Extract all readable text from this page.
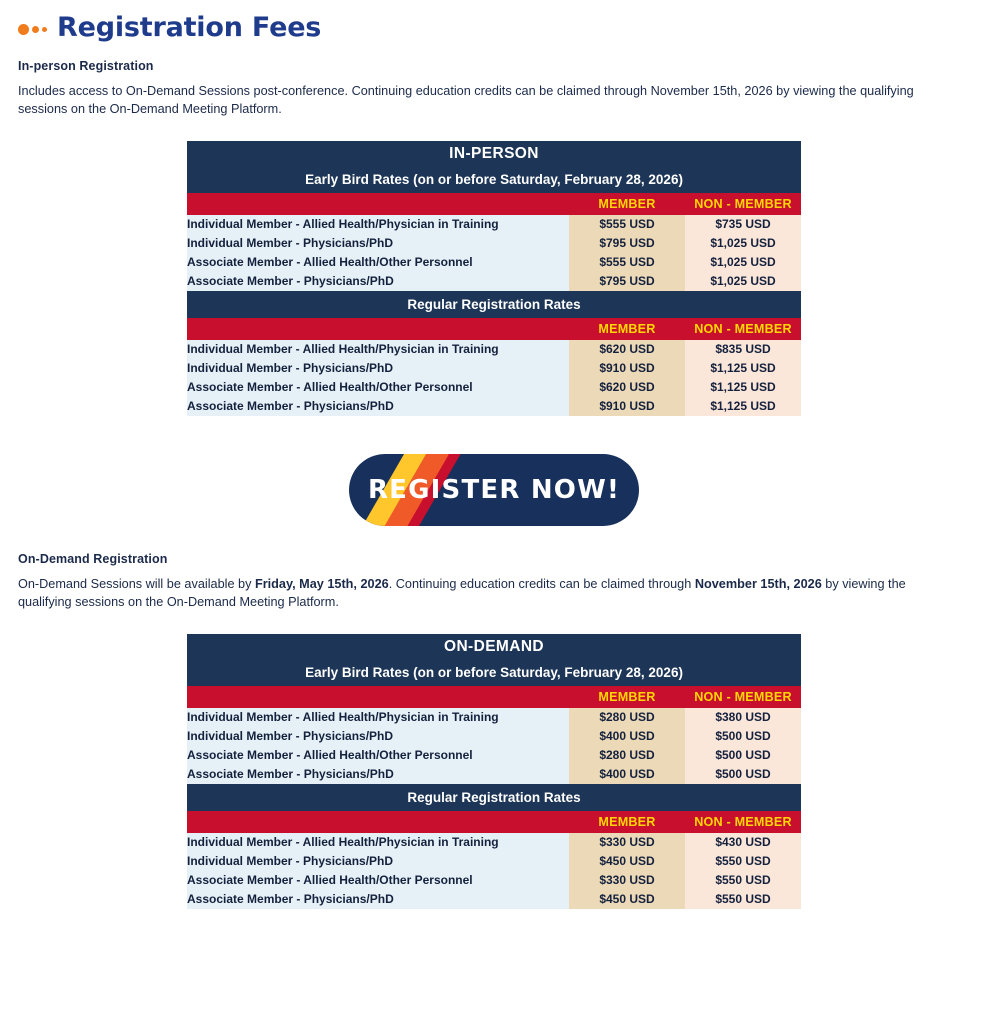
Registration Fees
In-person Registration
Includes access to On-Demand Sessions post-conference. Continuing education credits can be claimed through November 15th, 2026 by viewing the qualifying sessions on the On-Demand Meeting Platform.
IN-PERSON		
Early Bird Rates (on or before Saturday, February 28, 2026)		
	MEMBER	NON - MEMBER
Individual Member - Allied Health/Physician in Training	$555 USD	$735 USD
Individual Member - Physicians/PhD	$795 USD	$1,025 USD
Associate Member - Allied Health/Other Personnel	$555 USD	$1,025 USD
Associate Member - Physicians/PhD	$795 USD	$1,025 USD
Regular Registration Rates		
	MEMBER	NON - MEMBER
Individual Member - Allied Health/Physician in Training	$620 USD	$835 USD
Individual Member - Physicians/PhD	$910 USD	$1,125 USD
Associate Member - Allied Health/Other Personnel	$620 USD	$1,125 USD
Associate Member - Physicians/PhD	$910 USD	$1,125 USD
REGISTER NOW!
On-Demand Registration
On-Demand Sessions will be available by Friday, May 15th, 2026. Continuing education credits can be claimed through November 15th, 2026 by viewing the qualifying sessions on the On-Demand Meeting Platform.
ON-DEMAND		
Early Bird Rates (on or before Saturday, February 28, 2026)		
	MEMBER	NON - MEMBER
Individual Member - Allied Health/Physician in Training	$280 USD	$380 USD
Individual Member - Physicians/PhD	$400 USD	$500 USD
Associate Member - Allied Health/Other Personnel	$280 USD	$500 USD
Associate Member - Physicians/PhD	$400 USD	$500 USD
Regular Registration Rates		
	MEMBER	NON - MEMBER
Individual Member - Allied Health/Physician in Training	$330 USD	$430 USD
Individual Member - Physicians/PhD	$450 USD	$550 USD
Associate Member - Allied Health/Other Personnel	$330 USD	$550 USD
Associate Member - Physicians/PhD	$450 USD	$550 USD
